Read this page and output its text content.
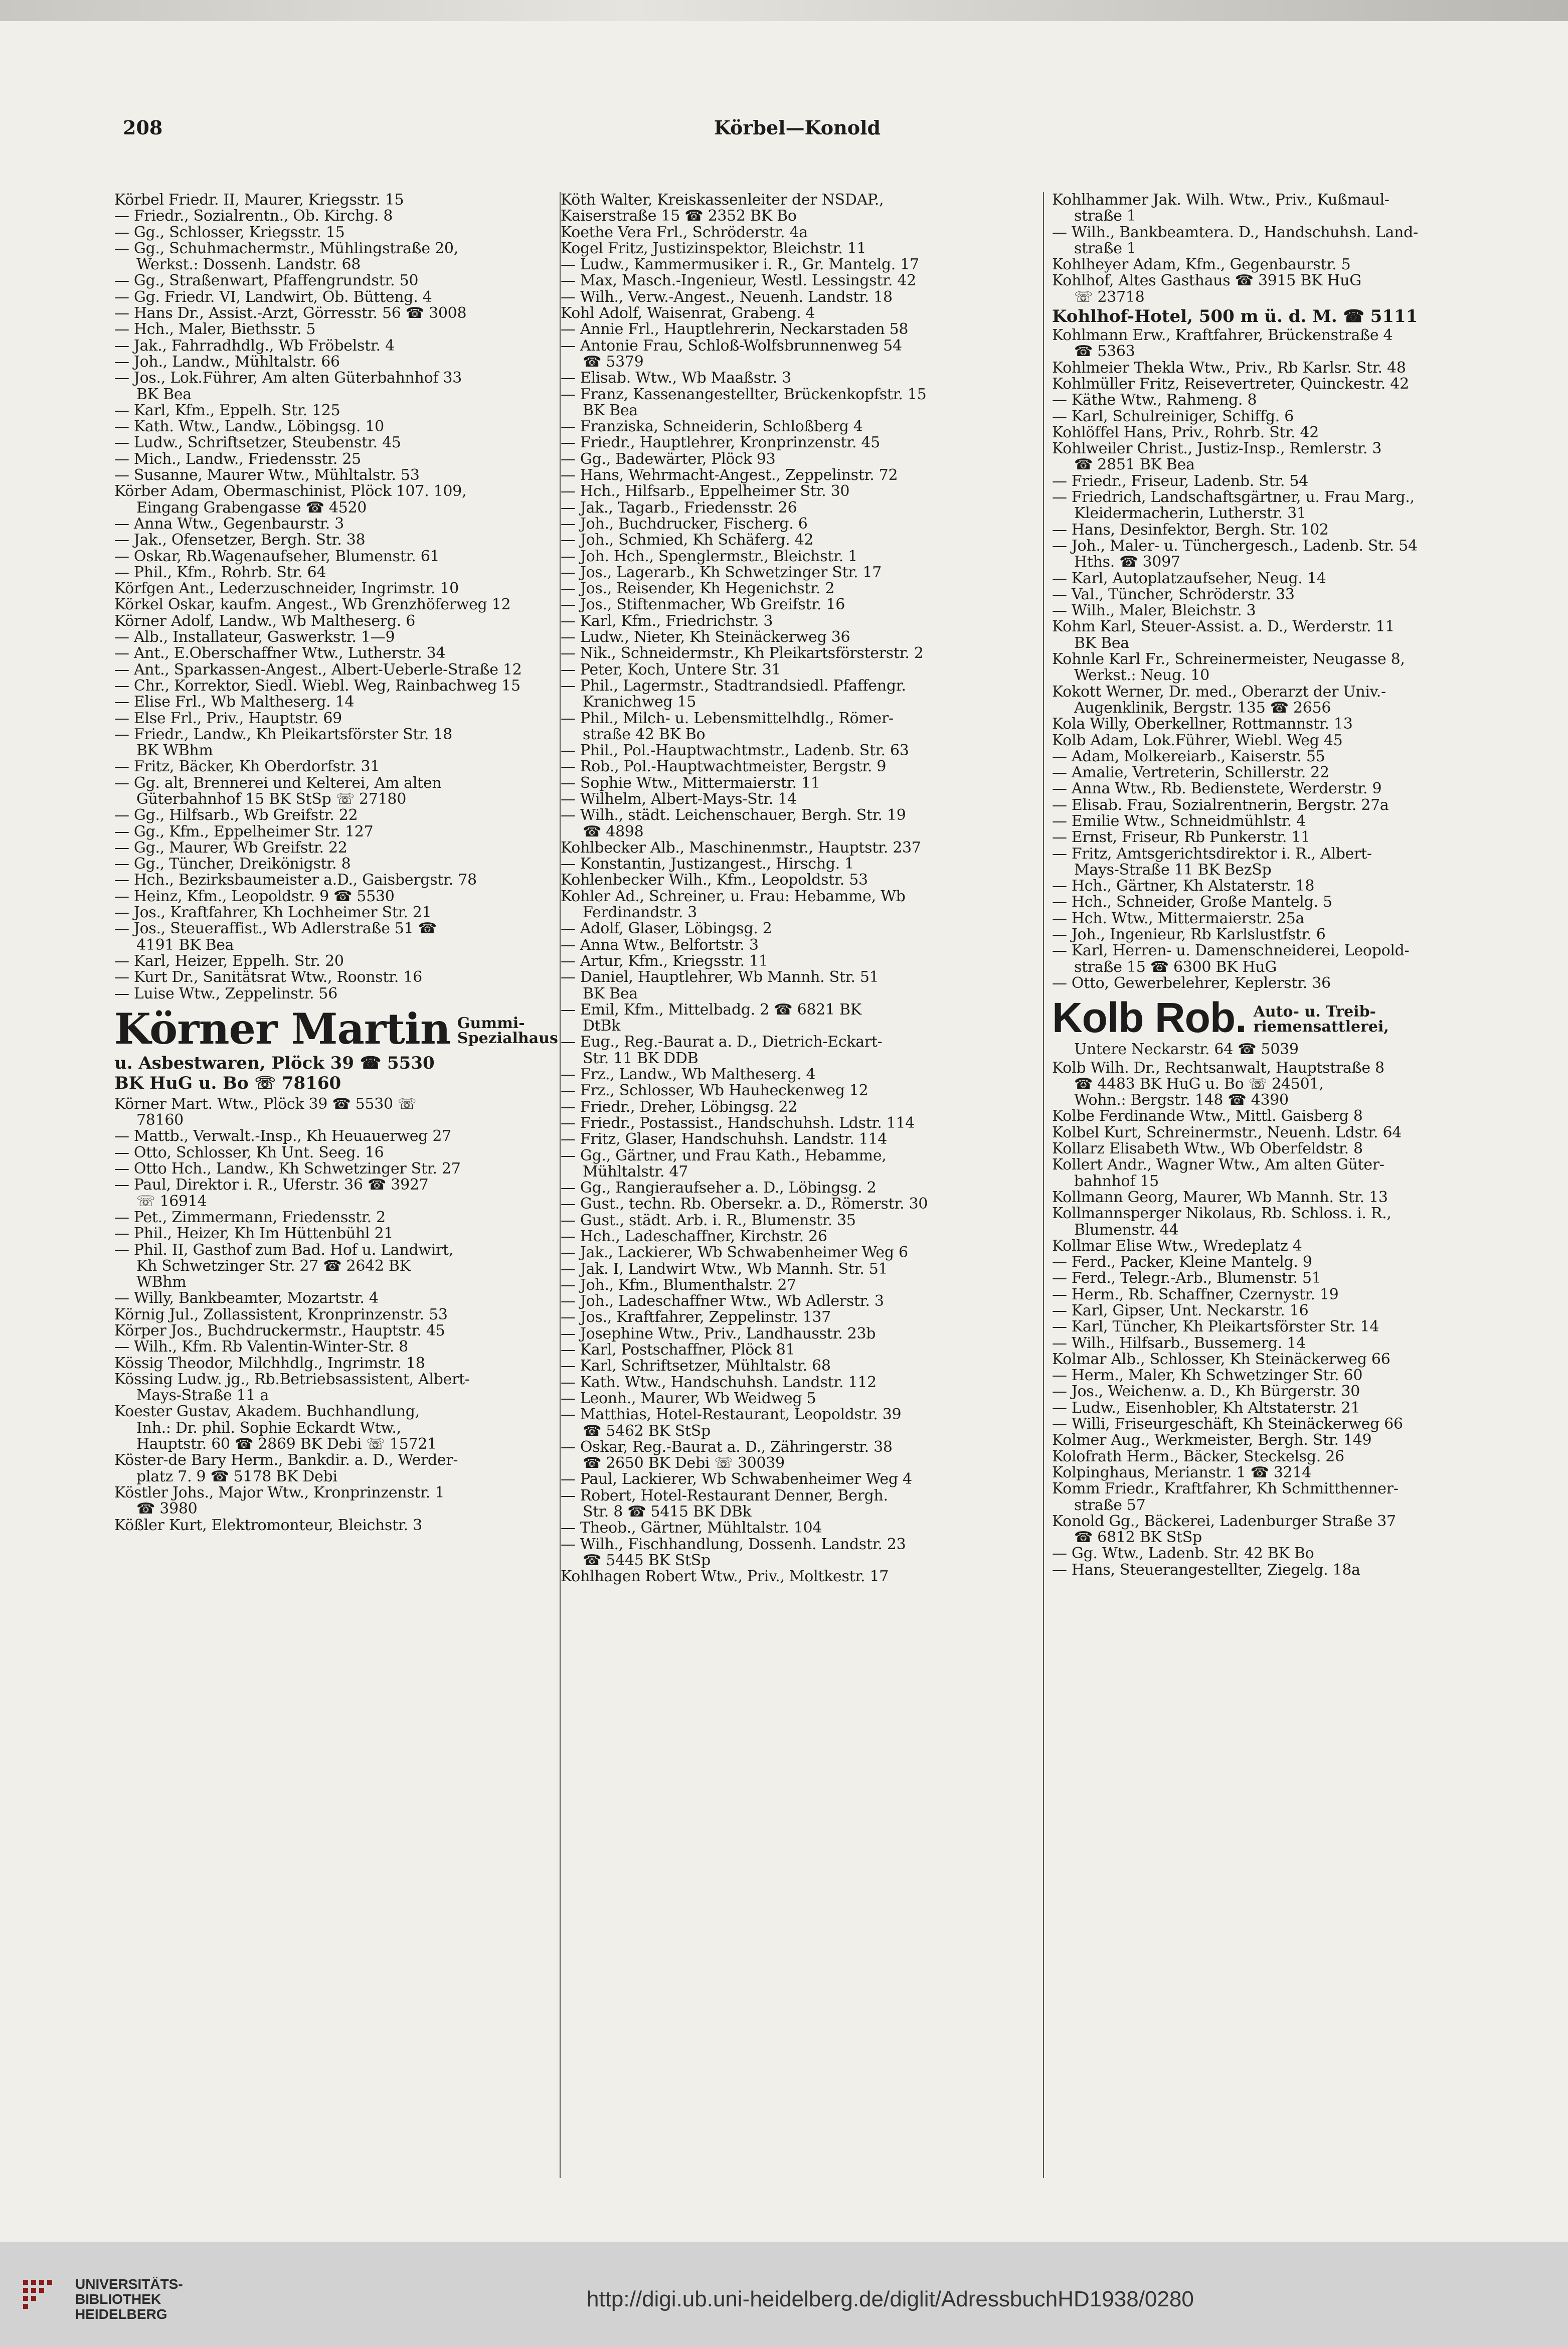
208	Körbel—Konold
Körbel Friedr. II, Maurer, Kriegsstr. 15
— Friedr., Sozialrentn., Ob. Kirchg. 8
— Gg., Schlosser, Kriegsstr. 15
— Gg., Schuhmachermstr., Mühlingstraße 20,
Werkst.: Dossenh. Landstr. 68
— Gg., Straßenwart, Pfaffengrundstr. 50
— Gg. Friedr. VI, Landwirt, Ob. Bütteng. 4
— Hans Dr., Assist.-Arzt, Görresstr. 56 ☎ 3008
— Hch., Maler, Biethsstr. 5
— Jak., Fahrradhdlg., Wb Fröbelstr. 4
— Joh., Landw., Mühltalstr. 66
— Jos., Lok.Führer, Am alten Güterbahnhof 33
BK Bea
— Karl, Kfm., Eppelh. Str. 125
— Kath. Wtw., Landw., Löbingsg. 10
— Ludw., Schriftsetzer, Steubenstr. 45
— Mich., Landw., Friedensstr. 25
— Susanne, Maurer Wtw., Mühltalstr. 53
Körber Adam, Obermaschinist, Plöck 107. 109,
Eingang Grabengasse ☎ 4520
— Anna Wtw., Gegenbaurstr. 3
— Jak., Ofensetzer, Bergh. Str. 38
— Oskar, Rb.Wagenaufseher, Blumenstr. 61
— Phil., Kfm., Rohrb. Str. 64
Körfgen Ant., Lederzuschneider, Ingrimstr. 10
Körkel Oskar, kaufm. Angest., Wb Grenzhöferweg 12
Körner Adolf, Landw., Wb Maltheserg. 6
— Alb., Installateur, Gaswerkstr. 1—9
— Ant., E.Oberschaffner Wtw., Lutherstr. 34
— Ant., Sparkassen-Angest., Albert-Ueberle-Straße 12
— Chr., Korrektor, Siedl. Wiebl. Weg, Rainbachweg 15
— Elise Frl., Wb Maltheserg. 14
— Else Frl., Priv., Hauptstr. 69
— Friedr., Landw., Kh Pleikartsförster Str. 18
BK WBhm
— Fritz, Bäcker, Kh Oberdorfstr. 31
— Gg. alt, Brennerei und Kelterei, Am alten
Güterbahnhof 15 BK StSp ☏ 27180
— Gg., Hilfsarb., Wb Greifstr. 22
— Gg., Kfm., Eppelheimer Str. 127
— Gg., Maurer, Wb Greifstr. 22
— Gg., Tüncher, Dreikönigstr. 8
— Hch., Bezirksbaumeister a.D., Gaisbergstr. 78
— Heinz, Kfm., Leopoldstr. 9 ☎ 5530
— Jos., Kraftfahrer, Kh Lochheimer Str. 21
— Jos., Steueraffist., Wb Adlerstraße 51 ☎
4191 BK Bea
— Karl, Heizer, Eppelh. Str. 20
— Kurt Dr., Sanitätsrat Wtw., Roonstr. 16
— Luise Wtw., Zeppelinstr. 56
Körner Martin Gummi-
Spezialhaus
u. Asbestwaren, Plöck 39 ☎ 5530
BK HuG u. Bo ☏ 78160
Körner Mart. Wtw., Plöck 39 ☎ 5530 ☏
78160
— Mattb., Verwalt.-Insp., Kh Heuauerweg 27
— Otto, Schlosser, Kh Unt. Seeg. 16
— Otto Hch., Landw., Kh Schwetzinger Str. 27
— Paul, Direktor i. R., Uferstr. 36 ☎ 3927
☏ 16914
— Pet., Zimmermann, Friedensstr. 2
— Phil., Heizer, Kh Im Hüttenbühl 21
— Phil. II, Gasthof zum Bad. Hof u. Landwirt,
Kh Schwetzinger Str. 27 ☎ 2642 BK
WBhm
— Willy, Bankbeamter, Mozartstr. 4
Körnig Jul., Zollassistent, Kronprinzenstr. 53
Körper Jos., Buchdruckermstr., Hauptstr. 45
— Wilh., Kfm. Rb Valentin-Winter-Str. 8
Kössig Theodor, Milchhdlg., Ingrimstr. 18
Kössing Ludw. jg., Rb.Betriebsassistent, Albert-
Mays-Straße 11 a
Koester Gustav, Akadem. Buchhandlung,
Inh.: Dr. phil. Sophie Eckardt Wtw.,
Hauptstr. 60 ☎ 2869 BK Debi ☏ 15721
Köster-de Bary Herm., Bankdir. a. D., Werder-
platz 7. 9 ☎ 5178 BK Debi
Köstler Johs., Major Wtw., Kronprinzenstr. 1
☎ 3980
Kößler Kurt, Elektromonteur, Bleichstr. 3
Köth Walter, Kreiskassenleiter der NSDAP.,
Kaiserstraße 15 ☎ 2352 BK Bo
Koethe Vera Frl., Schröderstr. 4a
Kogel Fritz, Justizinspektor, Bleichstr. 11
— Ludw., Kammermusiker i. R., Gr. Mantelg. 17
— Max, Masch.-Ingenieur, Westl. Lessingstr. 42
— Wilh., Verw.-Angest., Neuenh. Landstr. 18
Kohl Adolf, Waisenrat, Grabeng. 4
— Annie Frl., Hauptlehrerin, Neckarstaden 58
— Antonie Frau, Schloß-Wolfsbrunnenweg 54
☎ 5379
— Elisab. Wtw., Wb Maaßstr. 3
— Franz, Kassenangestellter, Brückenkopfstr. 15
BK Bea
— Franziska, Schneiderin, Schloßberg 4
— Friedr., Hauptlehrer, Kronprinzenstr. 45
— Gg., Badewärter, Plöck 93
— Hans, Wehrmacht-Angest., Zeppelinstr. 72
— Hch., Hilfsarb., Eppelheimer Str. 30
— Jak., Tagarb., Friedensstr. 26
— Joh., Buchdrucker, Fischerg. 6
— Joh., Schmied, Kh Schäferg. 42
— Joh. Hch., Spenglermstr., Bleichstr. 1
— Jos., Lagerarb., Kh Schwetzinger Str. 17
— Jos., Reisender, Kh Hegenichstr. 2
— Jos., Stiftenmacher, Wb Greifstr. 16
— Karl, Kfm., Friedrichstr. 3
— Ludw., Nieter, Kh Steinäckerweg 36
— Nik., Schneidermstr., Kh Pleikartsförsterstr. 2
— Peter, Koch, Untere Str. 31
— Phil., Lagermstr., Stadtrandsiedl. Pfaffengr.
Kranichweg 15
— Phil., Milch- u. Lebensmittelhdlg., Römer-
straße 42 BK Bo
— Phil., Pol.-Hauptwachtmstr., Ladenb. Str. 63
— Rob., Pol.-Hauptwachtmeister, Bergstr. 9
— Sophie Wtw., Mittermaierstr. 11
— Wilhelm, Albert-Mays-Str. 14
— Wilh., städt. Leichenschauer, Bergh. Str. 19
☎ 4898
Kohlbecker Alb., Maschinenmstr., Hauptstr. 237
— Konstantin, Justizangest., Hirschg. 1
Kohlenbecker Wilh., Kfm., Leopoldstr. 53
Kohler Ad., Schreiner, u. Frau: Hebamme, Wb
Ferdinandstr. 3
— Adolf, Glaser, Löbingsg. 2
— Anna Wtw., Belfortstr. 3
— Artur, Kfm., Kriegsstr. 11
— Daniel, Hauptlehrer, Wb Mannh. Str. 51
BK Bea
— Emil, Kfm., Mittelbadg. 2 ☎ 6821 BK
DtBk
— Eug., Reg.-Baurat a. D., Dietrich-Eckart-
Str. 11 BK DDB
— Frz., Landw., Wb Maltheserg. 4
— Frz., Schlosser, Wb Hauheckenweg 12
— Friedr., Dreher, Löbingsg. 22
— Friedr., Postassist., Handschuhsh. Ldstr. 114
— Fritz, Glaser, Handschuhsh. Landstr. 114
— Gg., Gärtner, und Frau Kath., Hebamme,
Mühltalstr. 47
— Gg., Rangieraufseher a. D., Löbingsg. 2
— Gust., techn. Rb. Obersekr. a. D., Römerstr. 30
— Gust., städt. Arb. i. R., Blumenstr. 35
— Hch., Ladeschaffner, Kirchstr. 26
— Jak., Lackierer, Wb Schwabenheimer Weg 6
— Jak. I, Landwirt Wtw., Wb Mannh. Str. 51
— Joh., Kfm., Blumenthalstr. 27
— Joh., Ladeschaffner Wtw., Wb Adlerstr. 3
— Jos., Kraftfahrer, Zeppelinstr. 137
— Josephine Wtw., Priv., Landhausstr. 23b
— Karl, Postschaffner, Plöck 81
— Karl, Schriftsetzer, Mühltalstr. 68
— Kath. Wtw., Handschuhsh. Landstr. 112
— Leonh., Maurer, Wb Weidweg 5
— Matthias, Hotel-Restaurant, Leopoldstr. 39
☎ 5462 BK StSp
— Oskar, Reg.-Baurat a. D., Zähringerstr. 38
☎ 2650 BK Debi ☏ 30039
— Paul, Lackierer, Wb Schwabenheimer Weg 4
— Robert, Hotel-Restaurant Denner, Bergh.
Str. 8 ☎ 5415 BK DBk
— Theob., Gärtner, Mühltalstr. 104
— Wilh., Fischhandlung, Dossenh. Landstr. 23
☎ 5445 BK StSp
Kohlhagen Robert Wtw., Priv., Moltkestr. 17
Kohlhammer Jak. Wilh. Wtw., Priv., Kußmaul-
straße 1
— Wilh., Bankbeamtera. D., Handschuhsh. Land-
straße 1
Kohlheyer Adam, Kfm., Gegenbaurstr. 5
Kohlhof, Altes Gasthaus ☎ 3915 BK HuG
☏ 23718
Kohlhof-Hotel, 500 m ü. d. M. ☎ 5111
Kohlmann Erw., Kraftfahrer, Brückenstraße 4
☎ 5363
Kohlmeier Thekla Wtw., Priv., Rb Karlsr. Str. 48
Kohlmüller Fritz, Reisevertreter, Quinckestr. 42
— Käthe Wtw., Rahmeng. 8
— Karl, Schulreiniger, Schiffg. 6
Kohlöffel Hans, Priv., Rohrb. Str. 42
Kohlweiler Christ., Justiz-Insp., Remlerstr. 3
☎ 2851 BK Bea
— Friedr., Friseur, Ladenb. Str. 54
— Friedrich, Landschaftsgärtner, u. Frau Marg.,
Kleidermacherin, Lutherstr. 31
— Hans, Desinfektor, Bergh. Str. 102
— Joh., Maler- u. Tünchergesch., Ladenb. Str. 54
Hths. ☎ 3097
— Karl, Autoplatzaufseher, Neug. 14
— Val., Tüncher, Schröderstr. 33
— Wilh., Maler, Bleichstr. 3
Kohm Karl, Steuer-Assist. a. D., Werderstr. 11
BK Bea
Kohnle Karl Fr., Schreinermeister, Neugasse 8,
Werkst.: Neug. 10
Kokott Werner, Dr. med., Oberarzt der Univ.-
Augenklinik, Bergstr. 135 ☎ 2656
Kola Willy, Oberkellner, Rottmannstr. 13
Kolb Adam, Lok.Führer, Wiebl. Weg 45
— Adam, Molkereiarb., Kaiserstr. 55
— Amalie, Vertreterin, Schillerstr. 22
— Anna Wtw., Rb. Bedienstete, Werderstr. 9
— Elisab. Frau, Sozialrentnerin, Bergstr. 27a
— Emilie Wtw., Schneidmühlstr. 4
— Ernst, Friseur, Rb Punkerstr. 11
— Fritz, Amtsgerichtsdirektor i. R., Albert-
Mays-Straße 11 BK BezSp
— Hch., Gärtner, Kh Alstaterstr. 18
— Hch., Schneider, Große Mantelg. 5
— Hch. Wtw., Mittermaierstr. 25a
— Joh., Ingenieur, Rb Karlslustfstr. 6
— Karl, Herren- u. Damenschneiderei, Leopold-
straße 15 ☎ 6300 BK HuG
— Otto, Gewerbelehrer, Keplerstr. 36
Kolb Rob. Auto- u. Treib-
riemensattlerei,
Untere Neckarstr. 64 ☎ 5039
Kolb Wilh. Dr., Rechtsanwalt, Hauptstraße 8
☎ 4483 BK HuG u. Bo ☏ 24501,
Wohn.: Bergstr. 148 ☎ 4390
Kolbe Ferdinande Wtw., Mittl. Gaisberg 8
Kolbel Kurt, Schreinermstr., Neuenh. Ldstr. 64
Kollarz Elisabeth Wtw., Wb Oberfeldstr. 8
Kollert Andr., Wagner Wtw., Am alten Güter-
bahnhof 15
Kollmann Georg, Maurer, Wb Mannh. Str. 13
Kollmannsperger Nikolaus, Rb. Schloss. i. R.,
Blumenstr. 44
Kollmar Elise Wtw., Wredeplatz 4
— Ferd., Packer, Kleine Mantelg. 9
— Ferd., Telegr.-Arb., Blumenstr. 51
— Herm., Rb. Schaffner, Czernystr. 19
— Karl, Gipser, Unt. Neckarstr. 16
— Karl, Tüncher, Kh Pleikartsförster Str. 14
— Wilh., Hilfsarb., Bussemerg. 14
Kolmar Alb., Schlosser, Kh Steinäckerweg 66
— Herm., Maler, Kh Schwetzinger Str. 60
— Jos., Weichenw. a. D., Kh Bürgerstr. 30
— Ludw., Eisenhobler, Kh Altstaterstr. 21
— Willi, Friseurgeschäft, Kh Steinäckerweg 66
Kolmer Aug., Werkmeister, Bergh. Str. 149
Kolofrath Herm., Bäcker, Steckelsg. 26
Kolpinghaus, Merianstr. 1 ☎ 3214
Komm Friedr., Kraftfahrer, Kh Schmitthenner-
straße 57
Konold Gg., Bäckerei, Ladenburger Straße 37
☎ 6812 BK StSp
— Gg. Wtw., Ladenb. Str. 42 BK Bo
— Hans, Steuerangestellter, Ziegelg. 18a
UNIVERSITÄTS-
BIBLIOTHEK
HEIDELBERG
http://digi.ub.uni-heidelberg.de/diglit/AdressbuchHD1938/0280
